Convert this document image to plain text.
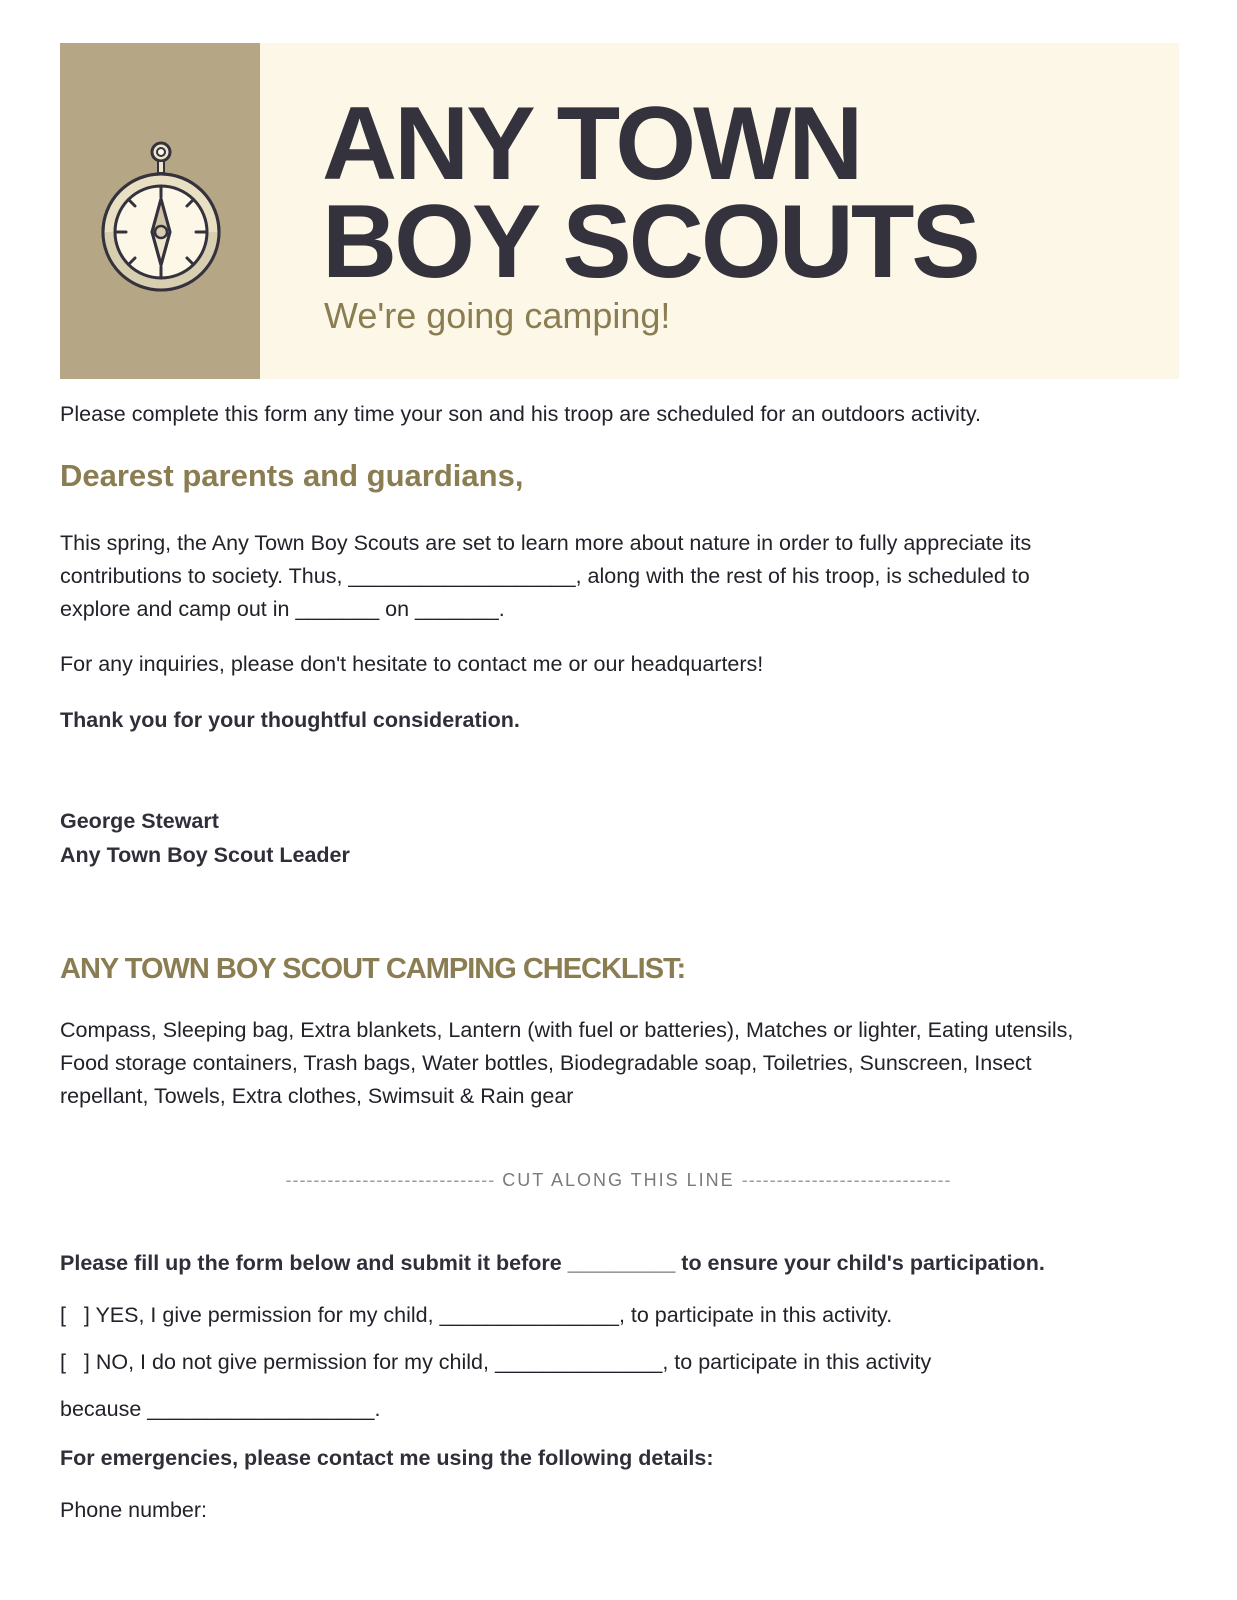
ANY TOWN
BOY SCOUTS

We're going camping!

Please complete this form any time your son and his troop are scheduled for an outdoors activity.

Dearest parents and guardians,
This spring, the Any Town Boy Scouts are set to learn more about nature in order to fully appreciate its
contributions to society. Thus, ___________________, along with the rest of his troop, is scheduled to
explore and camp out in _______ on _______.

For any inquiries, please don't hesitate to contact me or our headquarters!

Thank you for your thoughtful consideration.

George Stewart

Any Town Boy Scout Leader

ANY TOWN BOY SCOUT CAMPING CHECKLIST:
Compass, Sleeping bag, Extra blankets, Lantern (with fuel or batteries), Matches or lighter, Eating utensils,
Food storage containers, Trash bags, Water bottles, Biodegradable soap, Toiletries, Sunscreen, Insect
repellant, Towels, Extra clothes, Swimsuit & Rain gear
------------------------------ CUT ALONG THIS LINE ------------------------------

Please fill up the form below and submit it before _________ to ensure your child's participation.

[   ] YES, I give permission for my child, _______________, to participate in this activity.

[   ] NO, I do not give permission for my child, ______________, to participate in this activity

because ___________________.

For emergencies, please contact me using the following details:

Phone number:
